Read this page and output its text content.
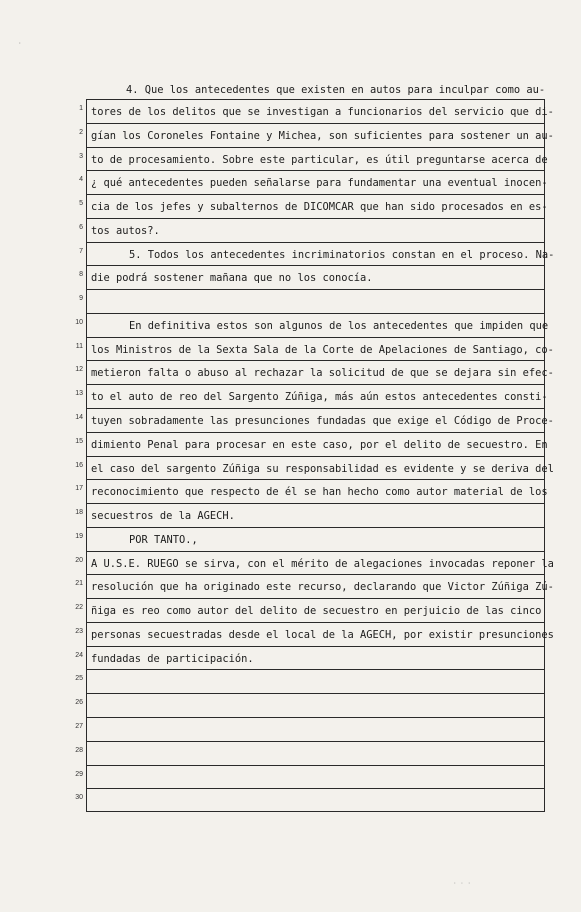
·
4. Que los antecedentes que existen en autos para inculpar como au-
1 tores de los delitos que se investigan a funcionarios del servicio que di-
2 gían los Coroneles Fontaine y Michea, son suficientes para sostener un au-
3 to de procesamiento. Sobre este particular, es útil preguntarse acerca de
4 ¿ qué antecedentes pueden señalarse para fundamentar una eventual inocen-
5 cia de los jefes y subalternos de DICOMCAR que han sido procesados en es-
6 tos autos?.
7	5. Todos los antecedentes incriminatorios constan en el proceso. Na-
8 die podrá sostener mañana que no los conocía.
9
10	En definitiva estos son algunos de los antecedentes que impiden que
11 los Ministros de la Sexta Sala de la Corte de Apelaciones de Santiago, co-
12 metieron falta o abuso al rechazar la solicitud de que se dejara sin efec-
13 to el auto de reo del Sargento Zúñiga, más aún estos antecedentes consti-
14 tuyen sobradamente las presunciones fundadas que exige el Código de Proce-
15 dimiento Penal para procesar en este caso, por el delito de secuestro. En
16 el caso del sargento Zúñiga su responsabilidad es evidente y se deriva del
17 reconocimiento que respecto de él se han hecho como autor material de los
18 secuestros de la AGECH.
19	POR TANTO.,
20 A U.S.E. RUEGO se sirva, con el mérito de alegaciones invocadas reponer la
21 resolución que ha originado este recurso, declarando que Victor Zúñiga Zú-
22 ñiga es reo como autor del delito de secuestro en perjuicio de las cinco
23 personas secuestradas desde el local de la AGECH, por existir presunciones
24 fundadas de participación.
25
26
27
28
29
30
· · ·
